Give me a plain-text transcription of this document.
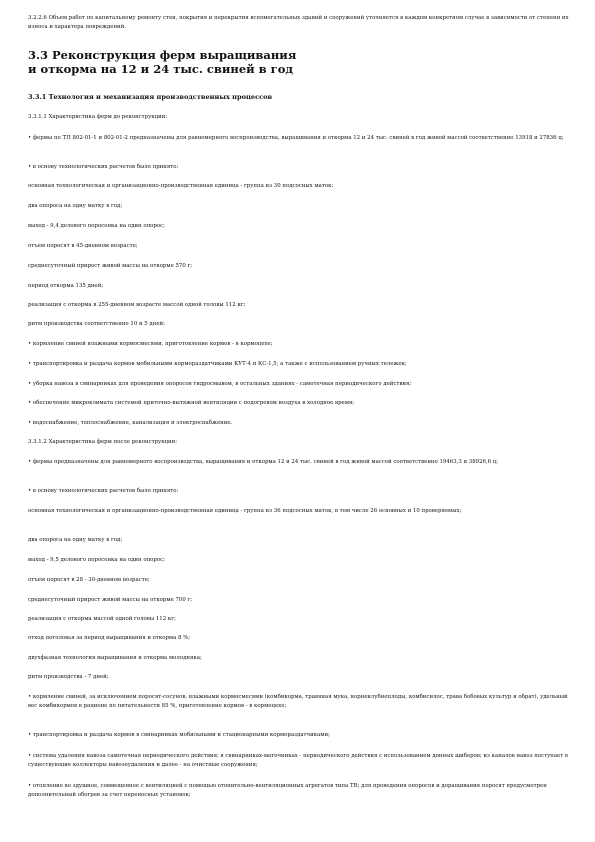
3.2.2.6 Объем работ по капитальному ремонту стен, покрытия и перекрытия вспомогательных зданий и сооружений уточняется в каждом конкретном случае в зависимости от степени их износа и характера повреждений.

3.3 Реконструкция ферм выращивания
и откорма на 12 и 24 тыс. свиней в год
3.3.1 Технология и механизация производственных процессов

3.3.1.1 Характеристика ферм до реконструкции:

• фермы по ТП 802-01-1 и 802-01-2 предназначены для равномерного воспроизводства, выращивания и откорма 12 и 24 тыс. свиней в год живой массой соответственно 13918 и 27836 ц;

• в основу технологических расчетов было принято:

основная технологическая и организационно-производственная единица - группа из 30 подсосных маток;

два опороса на одну матку в год;

выход - 9,4 делового поросенка на один опорос;

отъем поросят в 45-дневном возрасте;

среднесуточный прирост живой массы на откорме 570 г;

период откорма 135 дней;

реализация с откорма в 255-дневном возрасте массой одной головы 112 кг;

ритм производства соответственно 10 и 5 дней;

• кормление свиней влажными кормосмесями, приготовление кормов - в кормоцехе;

• транспортировка и раздача кормов мобильными кормораздатчиками КУТ-4 и КС-1,5, а также с использованием ручных тележек;

• уборка навоза в свинарниках для проведения опоросов гидросмывом, в остальных зданиях - самотечная периодического действия;

• обеспечение микроклимата системой приточно-вытяжной вентиляции с подогревом воздуха в холодное время;

• водоснабжение, теплоснабжение, канализация и электроснабжение.

3.3.1.2 Характеристика ферм после реконструкции:

• фермы предназначены для равномерного воспроизводства, выращивания и откорма 12 и 24 тыс. свиней в год живой массой соответственно 19463,3 и 38926,6 ц;

• в основу технологических расчетов было принято:

основная технологическая и организационно-производственная единица - группа из 36 подсосных маток, в том числе 26 основных и 10 проверяемых;

два опороса на одну матку в год;

выход - 9,5 делового поросенка на один опорос;

отъем поросят в 28 - 30-дневном возрасте;

среднесуточный прирост живой массы на откорме 700 г;

реализация с откорма массой одной головы 112 кг;

отход поголовья за период выращивания и откорма 8 %;

двухфазная технология выращивания и откорма молодняка;

ритм производства - 7 дней;

• кормление свиней, за исключением поросят-сосунов, влажными кормосмесями (комбикорма, травяная мука, корнеклубнеплоды, комбисилос, трава бобовых культур и обрат), удельный вес комбикормов в рационе по питательности 85 %, приготовление кормов - в кормоцехе;

• транспортировка и раздача кормов в свинарниках мобильными и стационарными кормораздатчиками;

• система удаления навоза самотечная периодического действия; в свинарниках-маточниках - периодического действия с использованием донных шиберов; из каналов навоз поступает в существующие коллекторы навозоудаления и далее - на очистные сооружения;

• отопление во здушное, совмещенное с вентиляцией с помощью отопительно-вентиляционных агрегатов типа ТВ; для проведения опоросов и доращивания поросят предусмотрен дополнительный обогрев за счет переносных установок;
